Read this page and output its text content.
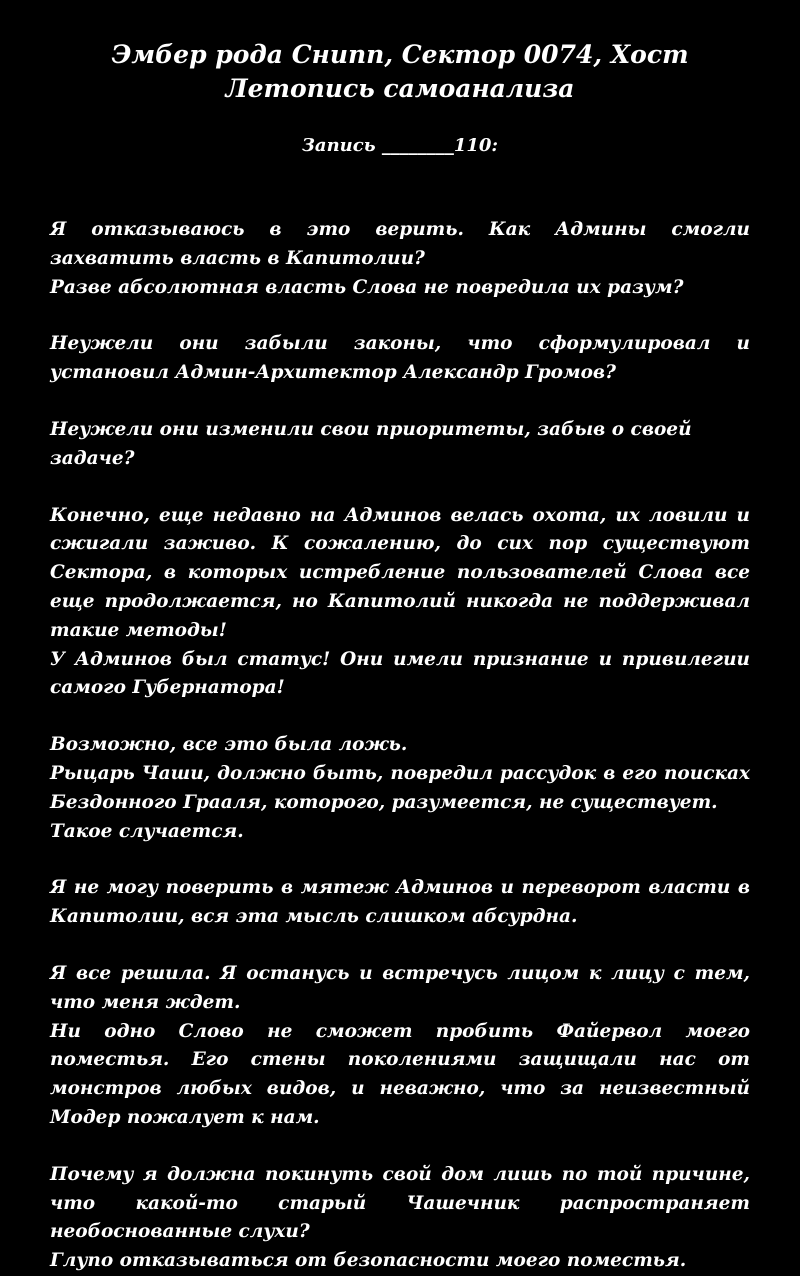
Эмбер рода Снипп, Сектор 0074, Хост
Летопись самоанализа
Запись ________110:

Я отказываюсь в это верить. Как Админы смогли захватить власть в Капитолии?

Разве абсолютная власть Слова не повредила их разум?

Неужели они забыли законы, что сформулировал и установил Админ-Архитектор Александр Громов?

Неужели они изменили свои приоритеты, забыв о своей задаче?

Конечно, еще недавно на Админов велась охота, их ловили и сжигали заживо. К сожалению, до сих пор существуют Сектора, в которых истребление пользователей Слова все еще продолжается, но Капитолий никогда не поддерживал такие методы!

У Админов был статус! Они имели признание и привилегии самого Губернатора!

Возможно, все это была ложь.

Рыцарь Чаши, должно быть, повредил рассудок в его поисках Бездонного Грааля, которого, разумеется, не существует.

Такое случается.

Я не могу поверить в мятеж Админов и переворот власти в Капитолии, вся эта мысль слишком абсурдна.

Я все решила. Я останусь и встречусь лицом к лицу с тем, что меня ждет.

Ни одно Слово не сможет пробить Файервол моего поместья. Его стены поколениями защищали нас от монстров любых видов, и неважно, что за неизвестный Модер пожалует к нам.

Почему я должна покинуть свой дом лишь по той причине, что какой-то старый Чашечник распространяет необоснованные слухи?

Глупо отказываться от безопасности моего поместья.
